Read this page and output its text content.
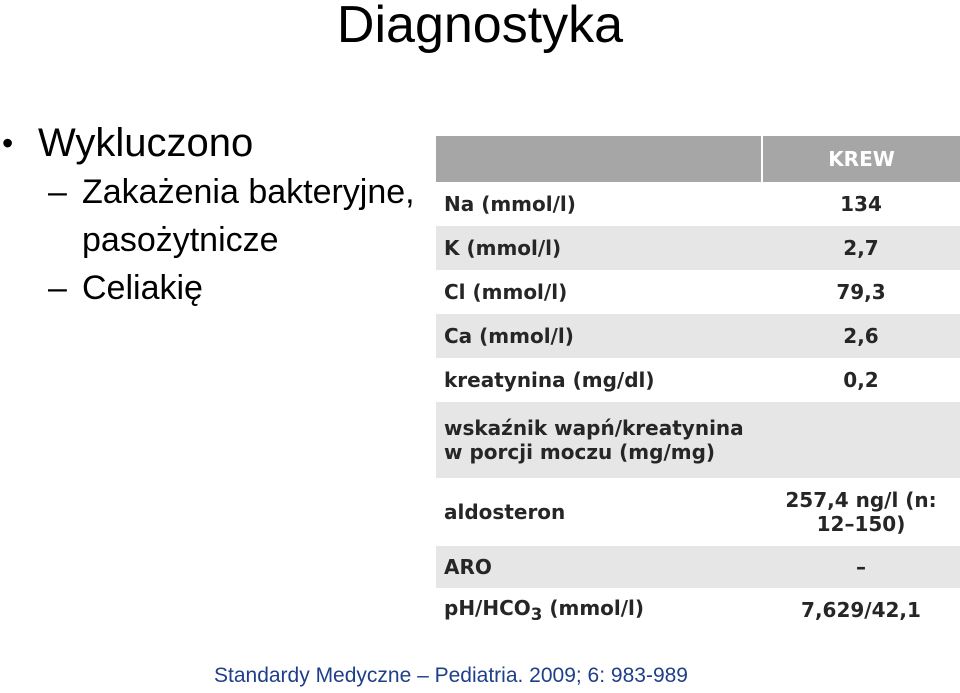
Diagnostyka
• Wykluczono
– Zakażenia bakteryjne, pasożytnicze
– Celiakię
	KREW
Na (mmol/l)	134
K (mmol/l)	2,7
Cl (mmol/l)	79,3
Ca (mmol/l)	2,6
kreatynina (mg/dl)	0,2
wskaźnik wapń/kreatynina w porcji moczu (mg/mg)	
aldosteron	257,4 ng/l (n: 12–150)
ARO	–
$pH/HCO_3$ (mmol/l)	7,629/42,1
Standardy Medyczne – Pediatria. 2009; 6: 983-989
